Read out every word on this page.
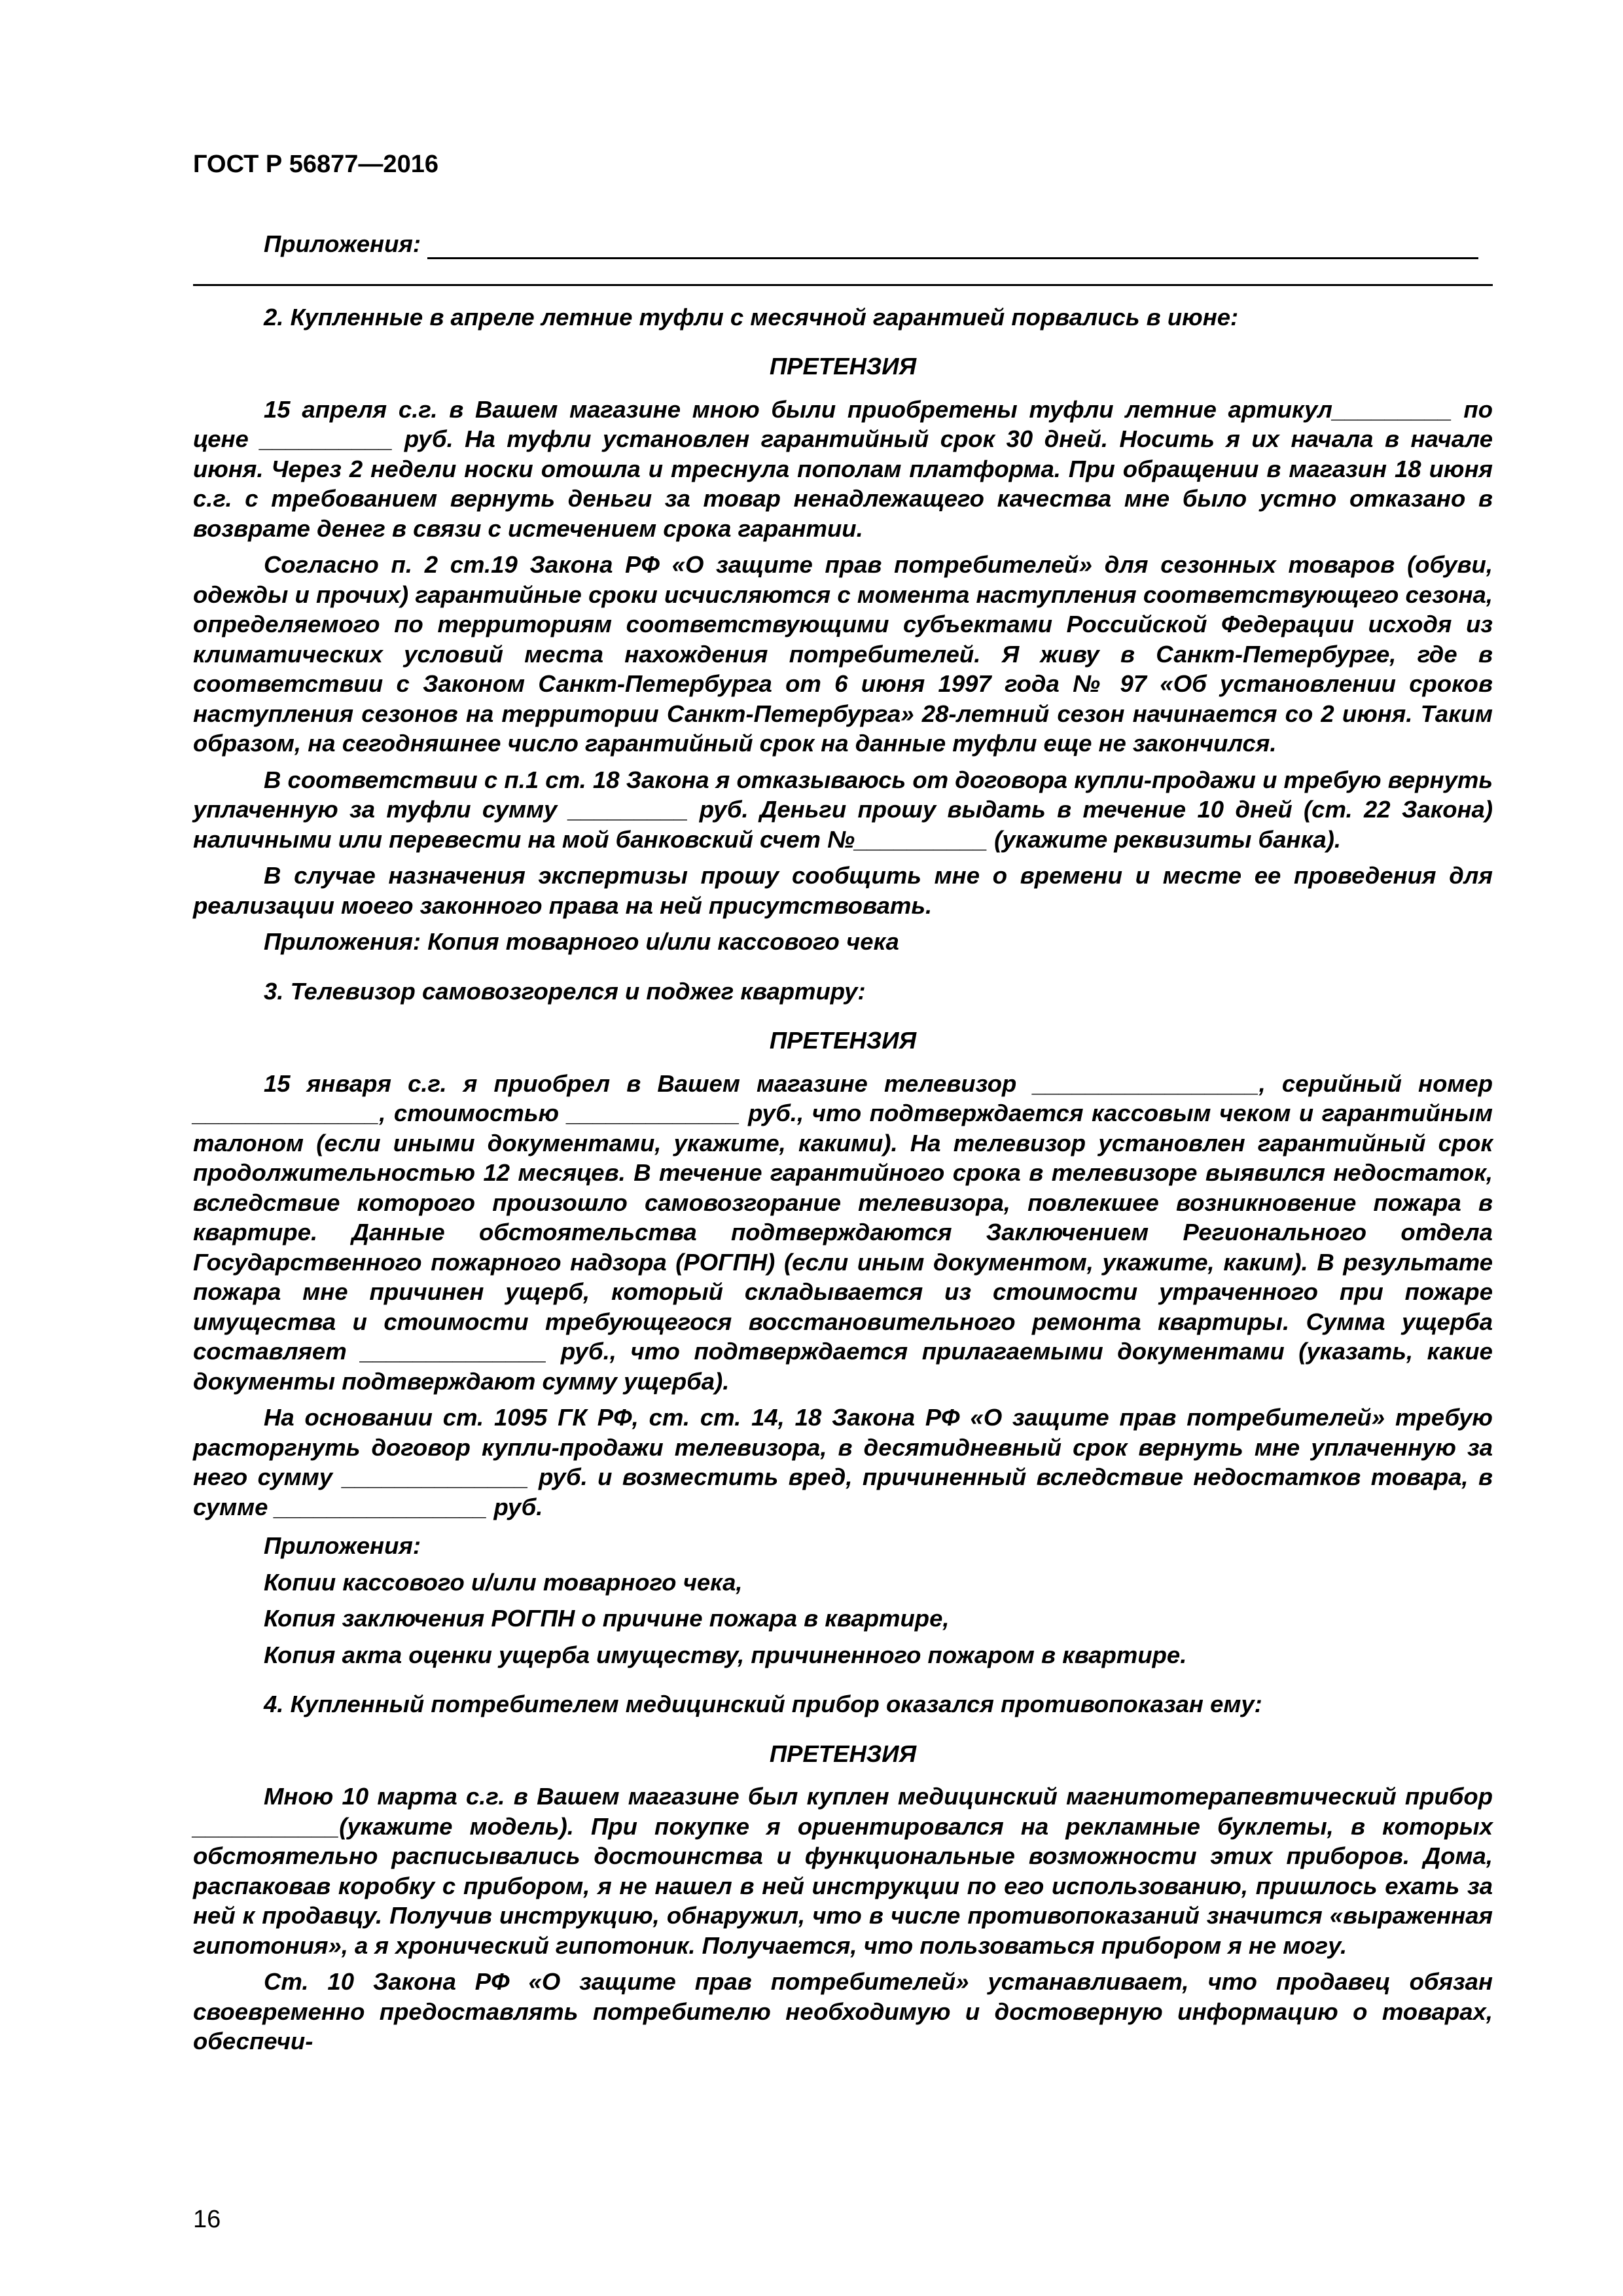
ГОСТ Р 56877—2016
Приложения:
2. Купленные в апреле летние туфли с месячной гарантией порвались в июне:
ПРЕТЕНЗИЯ

15 апреля с.г. в Вашем магазине мною были приобретены туфли летние артикул_________ по цене __________ руб. На туфли установлен гарантийный срок 30 дней. Носить я их начала в начале июня. Через 2 недели носки отошла и треснула пополам платформа. При обращении в магазин 18 июня с.г. с требованием вернуть деньги за товар ненадлежащего качества мне было устно отказано в возврате денег в связи с истечением срока гарантии.

Согласно п. 2 ст.19 Закона РФ «О защите прав потребителей» для сезонных товаров (обуви, одежды и прочих) гарантийные сроки исчисляются с момента наступления соответствующего сезона, определяемого по территориям соответствующими субъектами Российской Федерации исходя из климатических условий места нахождения потребителей. Я живу в Санкт-Петербурге, где в соответствии с Законом Санкт-Петербурга от 6 июня 1997 года № 97 «Об установлении сроков наступления сезонов на территории Санкт-Петербурга» 28-летний сезон начинается со 2 июня. Таким образом, на сегодняшнее число гарантийный срок на данные туфли еще не закончился.

В соответствии с п.1 ст. 18 Закона я отказываюсь от договора купли-продажи и требую вернуть уплаченную за туфли сумму _________ руб. Деньги прошу выдать в течение 10 дней (ст. 22 Закона) наличными или перевести на мой банковский счет №__________ (укажите реквизиты банка).

В случае назначения экспертизы прошу сообщить мне о времени и месте ее проведения для реализации моего законного права на ней присутствовать.

Приложения: Копия товарного и/или кассового чека
3. Телевизор самовозгорелся и поджег квартиру:
ПРЕТЕНЗИЯ

15 января с.г. я приобрел в Вашем магазине телевизор _________________, серийный номер ______________, стоимостью _____________ руб., что подтверждается кассовым чеком и гарантийным талоном (если иными документами, укажите, какими). На телевизор установлен гарантийный срок продолжительностью 12 месяцев. В течение гарантийного срока в телевизоре выявился недостаток, вследствие которого произошло самовозгорание телевизора, повлекшее возникновение пожара в квартире. Данные обстоятельства подтверждаются Заключением Регионального отдела Государственного пожарного надзора (РОГПН) (если иным документом, укажите, каким). В результате пожара мне причинен ущерб, который складывается из стоимости утраченного при пожаре имущества и стоимости требующегося восстановительного ремонта квартиры. Сумма ущерба составляет ______________ руб., что подтверждается прилагаемыми документами (указать, какие документы подтверждают сумму ущерба).

На основании ст. 1095 ГК РФ, ст. ст. 14, 18 Закона РФ «О защите прав потребителей» требую расторгнуть договор купли-продажи телевизора, в десятидневный срок вернуть мне уплаченную за него сумму ______________ руб. и возместить вред, причиненный вследствие недостатков товара, в сумме ________________ руб.

Приложения:
Копии кассового и/или товарного чека,
Копия заключения РОГПН о причине пожара в квартире,
Копия акта оценки ущерба имуществу, причиненного пожаром в квартире.
4. Купленный потребителем медицинский прибор оказался противопоказан ему:
ПРЕТЕНЗИЯ

Мною 10 марта с.г. в Вашем магазине был куплен медицинский магнитотерапевтический прибор ___________(укажите модель). При покупке я ориентировался на рекламные буклеты, в которых обстоятельно расписывались достоинства и функциональные возможности этих приборов. Дома, распаковав коробку с прибором, я не нашел в ней инструкции по его использованию, пришлось ехать за ней к продавцу. Получив инструкцию, обнаружил, что в числе противопоказаний значится «выраженная гипотония», а я хронический гипотоник. Получается, что пользоваться прибором я не могу.

Ст. 10 Закона РФ «О защите прав потребителей» устанавливает, что продавец обязан своевременно предоставлять потребителю необходимую и достоверную информацию о товарах, обеспечи-

16
